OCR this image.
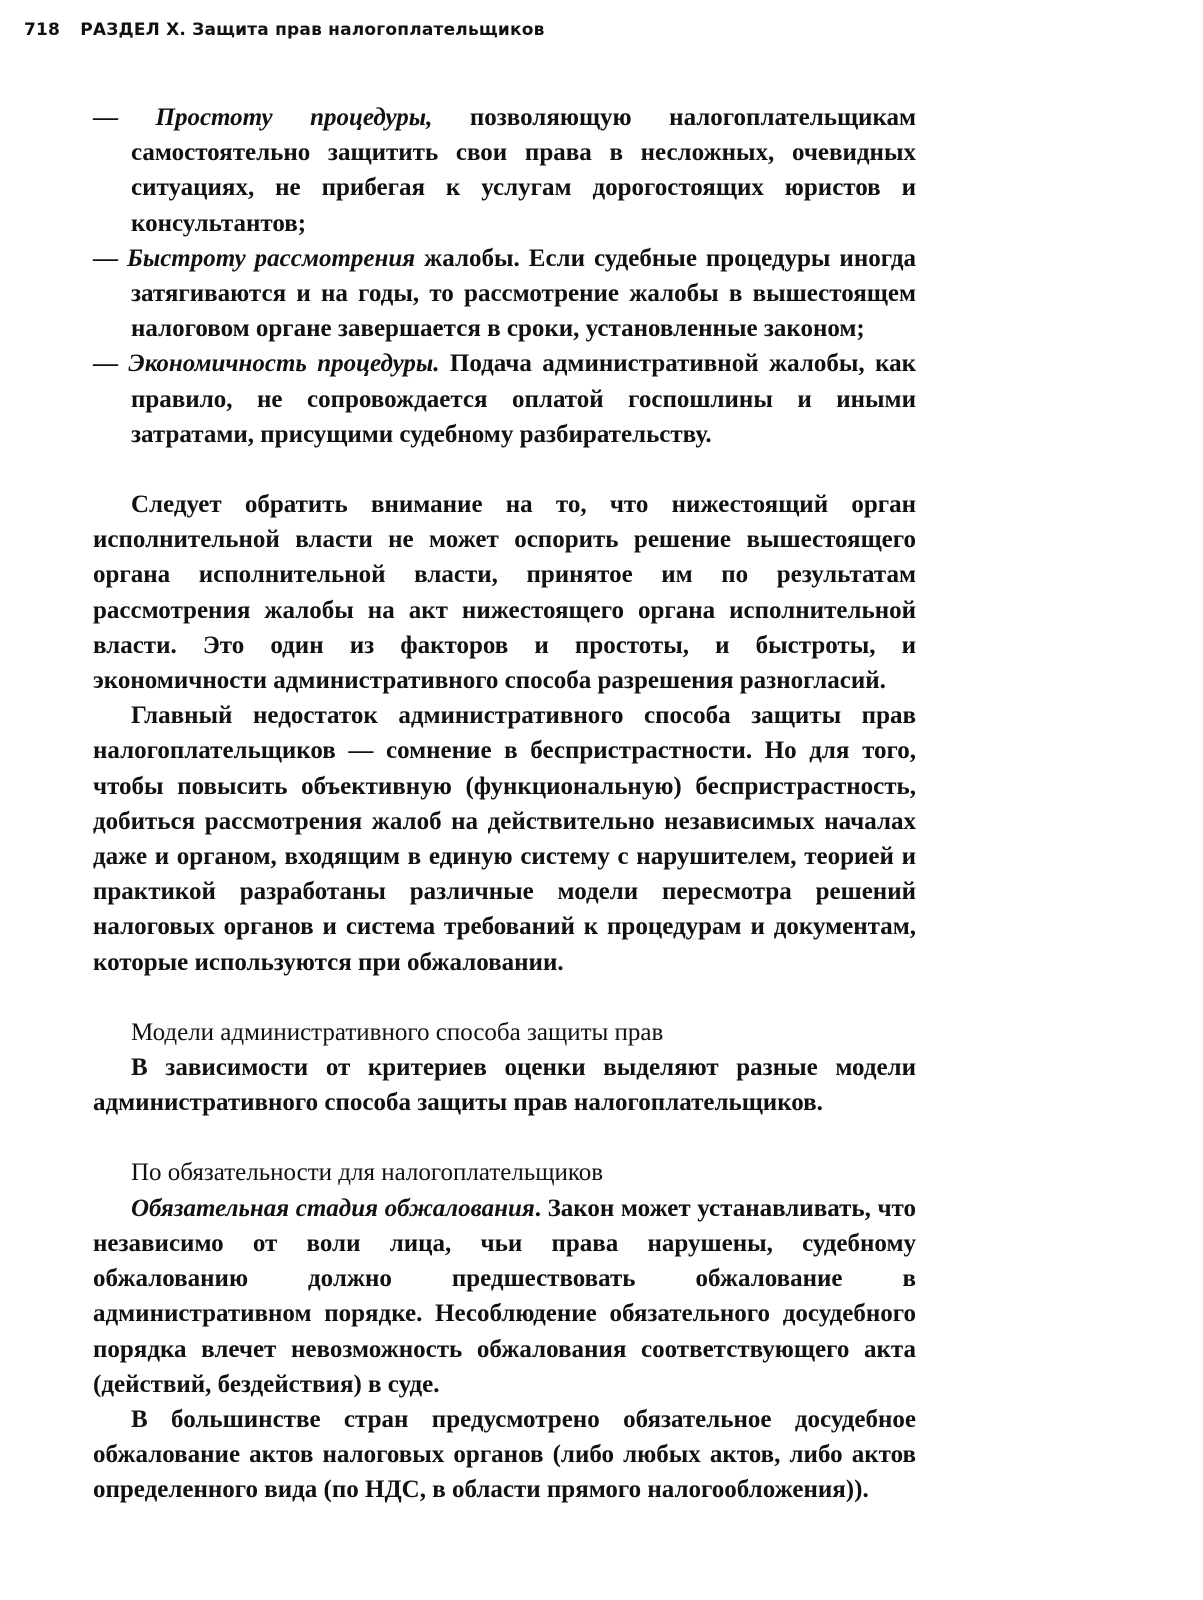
718 РАЗДЕЛ X. Защита прав налогоплательщиков

— Простоту процедуры, позволяющую налогоплательщикам самостоятельно защитить свои права в несложных, очевидных ситуациях, не прибегая к услугам дорогостоящих юристов и консультантов;

— Быстроту рассмотрения жалобы. Если судебные процедуры иногда затягиваются и на годы, то рассмотрение жалобы в вышестоящем налоговом органе завершается в сроки, установленные законом;

— Экономичность процедуры. Подача административной жалобы, как правило, не сопровождается оплатой госпошлины и иными затратами, присущими судебному разбирательству.

Следует обратить внимание на то, что нижестоящий орган исполнительной власти не может оспорить решение вышестоящего органа исполнительной власти, принятое им по результатам рассмотрения жалобы на акт нижестоящего органа исполнительной власти. Это один из факторов и простоты, и быстроты, и экономичности административного способа разрешения разногласий.

Главный недостаток административного способа защиты прав налогоплательщиков — сомнение в беспристрастности. Но для того, чтобы повысить объективную (функциональную) беспристрастность, добиться рассмотрения жалоб на действительно независимых началах даже и органом, входящим в единую систему с нарушителем, теорией и практикой разработаны различные модели пересмотра решений налоговых органов и система требований к процедурам и документам, которые используются при обжаловании.

Модели административного способа защиты прав

В зависимости от критериев оценки выделяют разные модели административного способа защиты прав налогоплательщиков.

По обязательности для налогоплательщиков

Обязательная стадия обжалования. Закон может устанавливать, что независимо от воли лица, чьи права нарушены, судебному обжалованию должно предшествовать обжалование в административном порядке. Несоблюдение обязательного досудебного порядка влечет невозможность обжалования соответствующего акта (действий, бездействия) в суде.

В большинстве стран предусмотрено обязательное досудебное обжалование актов налоговых органов (либо любых актов, либо актов определенного вида (по НДС, в области прямого налогообложения)).
